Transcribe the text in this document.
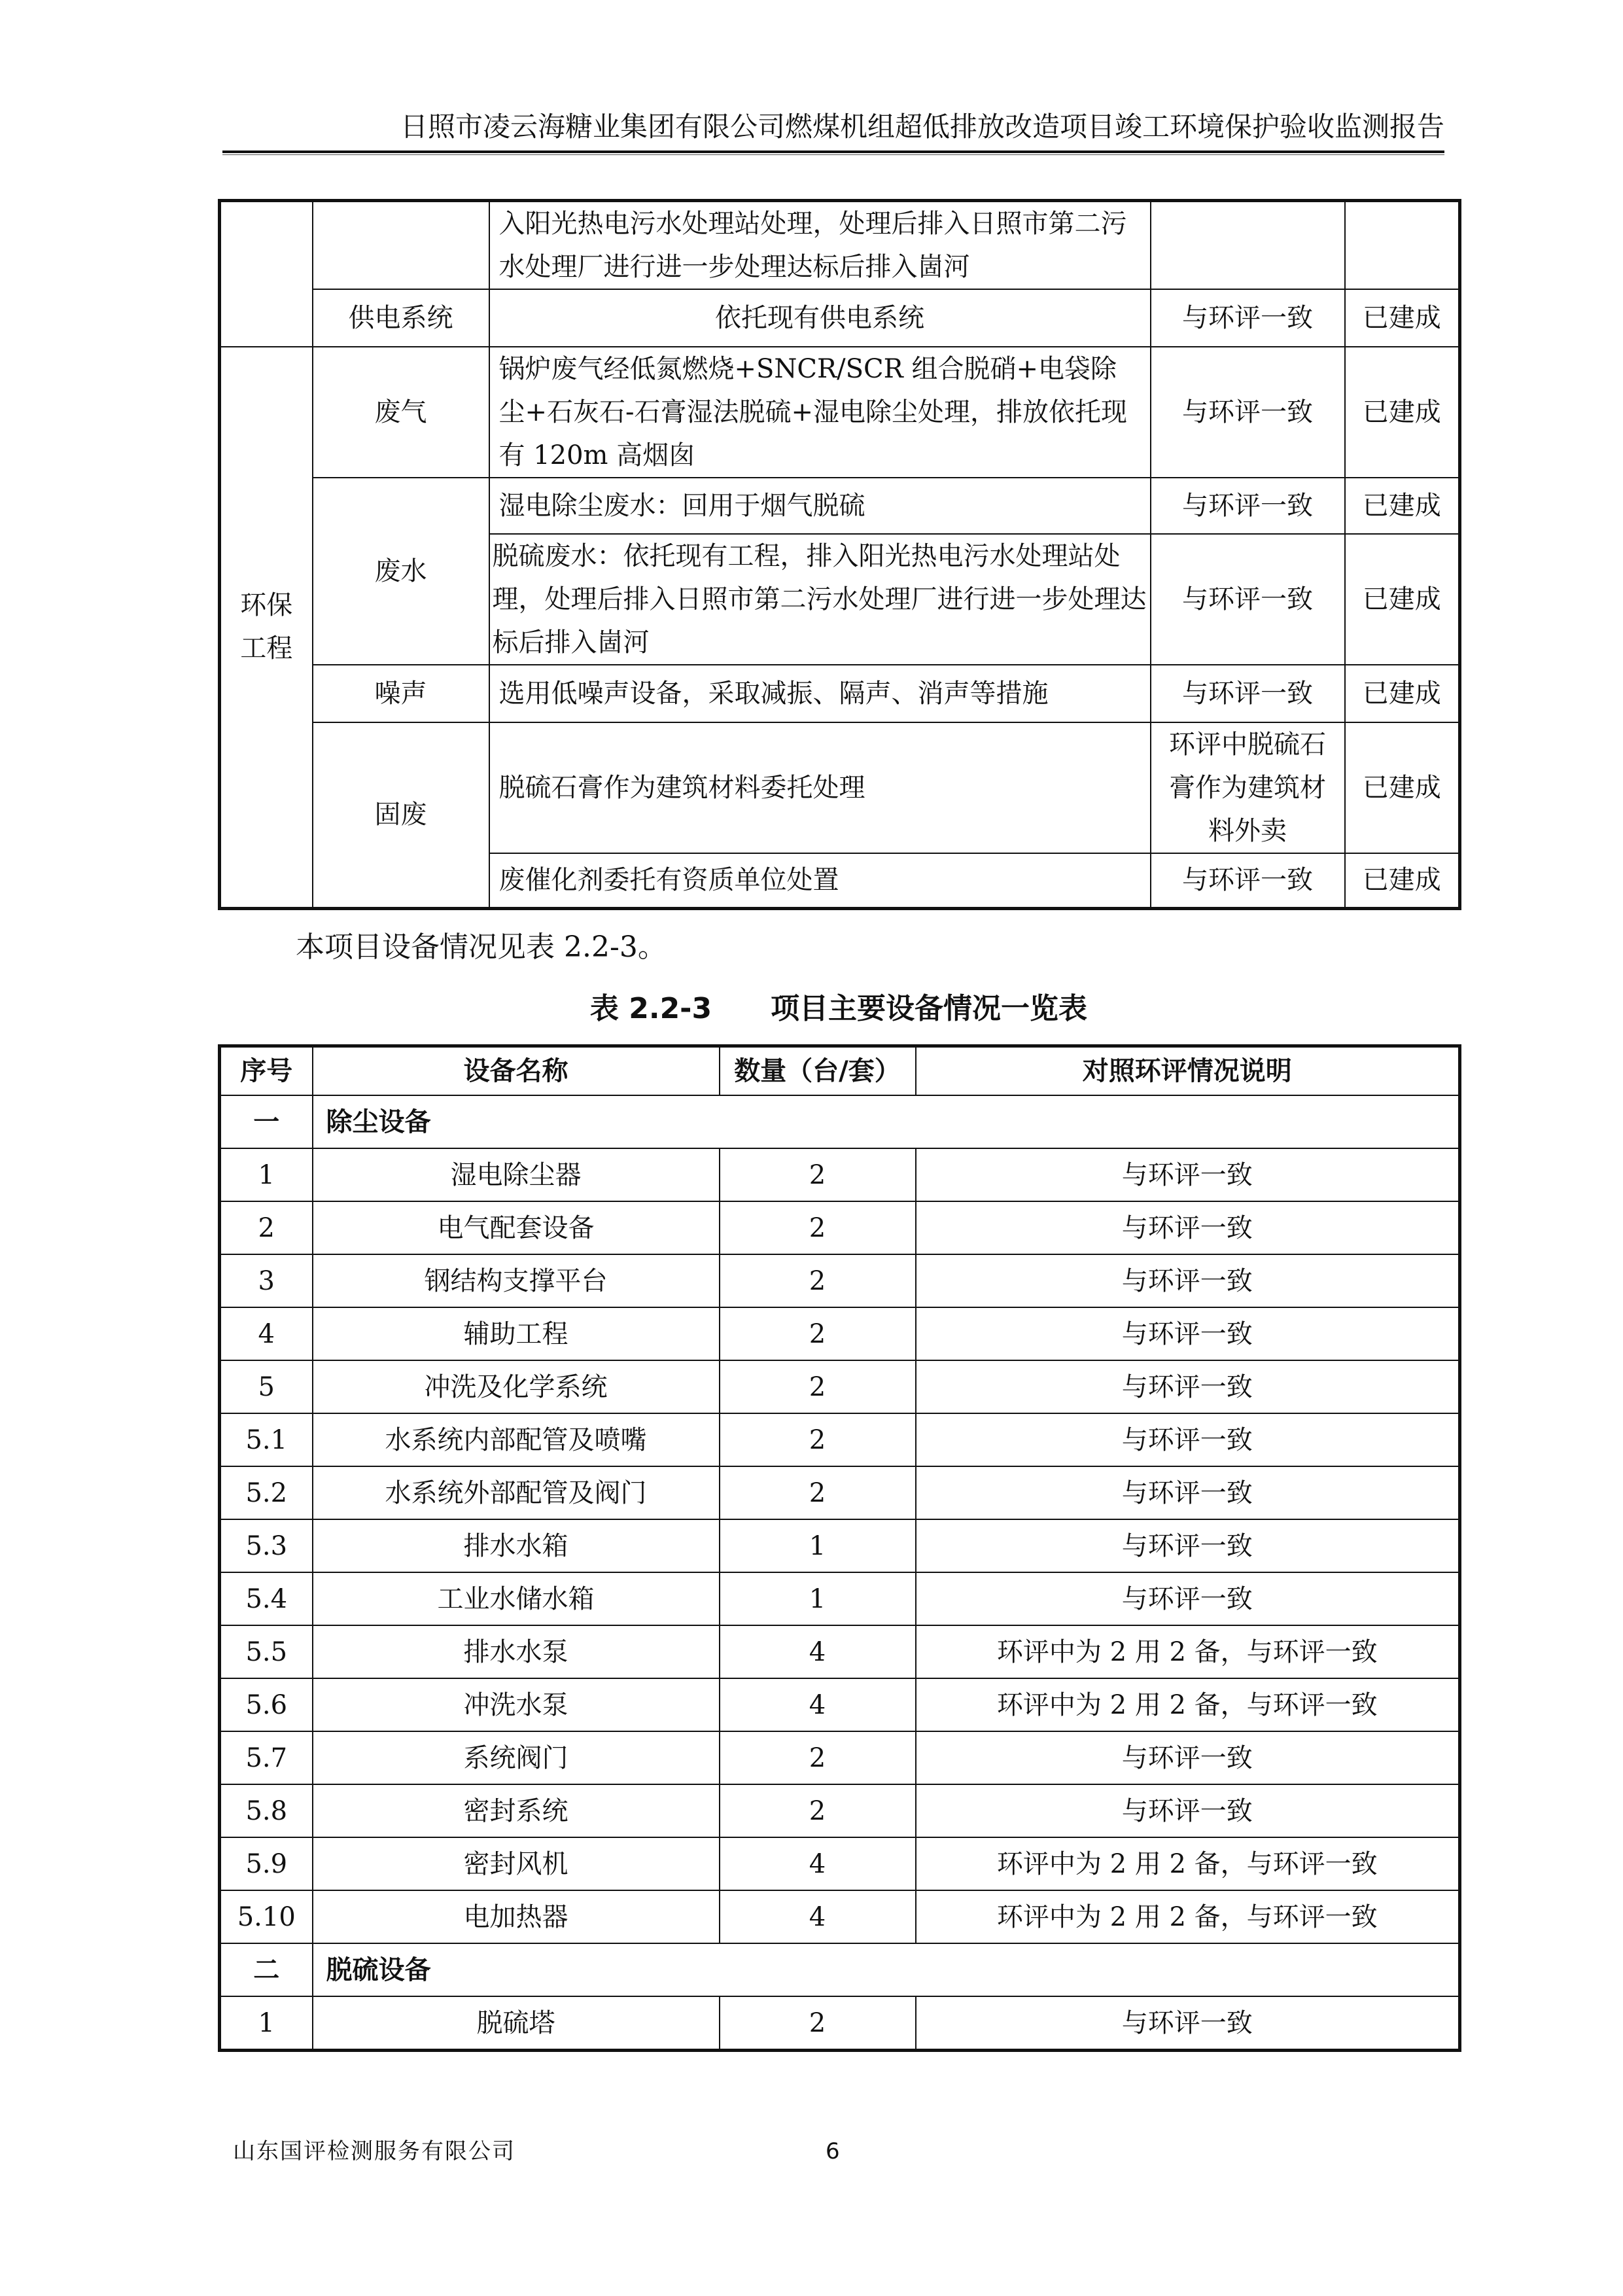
日照市凌云海糖业集团有限公司燃煤机组超低排放改造项目竣工环境保护验收监测报告
		入阳光热电污水处理站处理，处理后排入日照市第二污水处理厂进行进一步处理达标后排入崮河		
	供电系统	依托现有供电系统	与环评一致	已建成
环保工程	废气	锅炉废气经低氮燃烧+SNCR/SCR 组合脱硝+电袋除尘+石灰石-石膏湿法脱硫+湿电除尘处理，排放依托现有 120m 高烟囱	与环评一致	已建成
	废水	湿电除尘废水：回用于烟气脱硫	与环评一致	已建成
		脱硫废水：依托现有工程，排入阳光热电污水处理站处理，处理后排入日照市第二污水处理厂进行进一步处理达标后排入崮河	与环评一致	已建成
	噪声	选用低噪声设备，采取减振、隔声、消声等措施	与环评一致	已建成
	固废	脱硫石膏作为建筑材料委托处理	环评中脱硫石膏作为建筑材料外卖	已建成
		废催化剂委托有资质单位处置	与环评一致	已建成
本项目设备情况见表 2.2-3。
表 2.2-3 项目主要设备情况一览表
序号	设备名称	数量（台/套）	对照环评情况说明
一	除尘设备		
1	湿电除尘器	2	与环评一致
2	电气配套设备	2	与环评一致
3	钢结构支撑平台	2	与环评一致
4	辅助工程	2	与环评一致
5	冲洗及化学系统	2	与环评一致
5.1	水系统内部配管及喷嘴	2	与环评一致
5.2	水系统外部配管及阀门	2	与环评一致
5.3	排水水箱	1	与环评一致
5.4	工业水储水箱	1	与环评一致
5.5	排水水泵	4	环评中为 2 用 2 备，与环评一致
5.6	冲洗水泵	4	环评中为 2 用 2 备，与环评一致
5.7	系统阀门	2	与环评一致
5.8	密封系统	2	与环评一致
5.9	密封风机	4	环评中为 2 用 2 备，与环评一致
5.10	电加热器	4	环评中为 2 用 2 备，与环评一致
二	脱硫设备		
1	脱硫塔	2	与环评一致
山东国评检测服务有限公司	6
